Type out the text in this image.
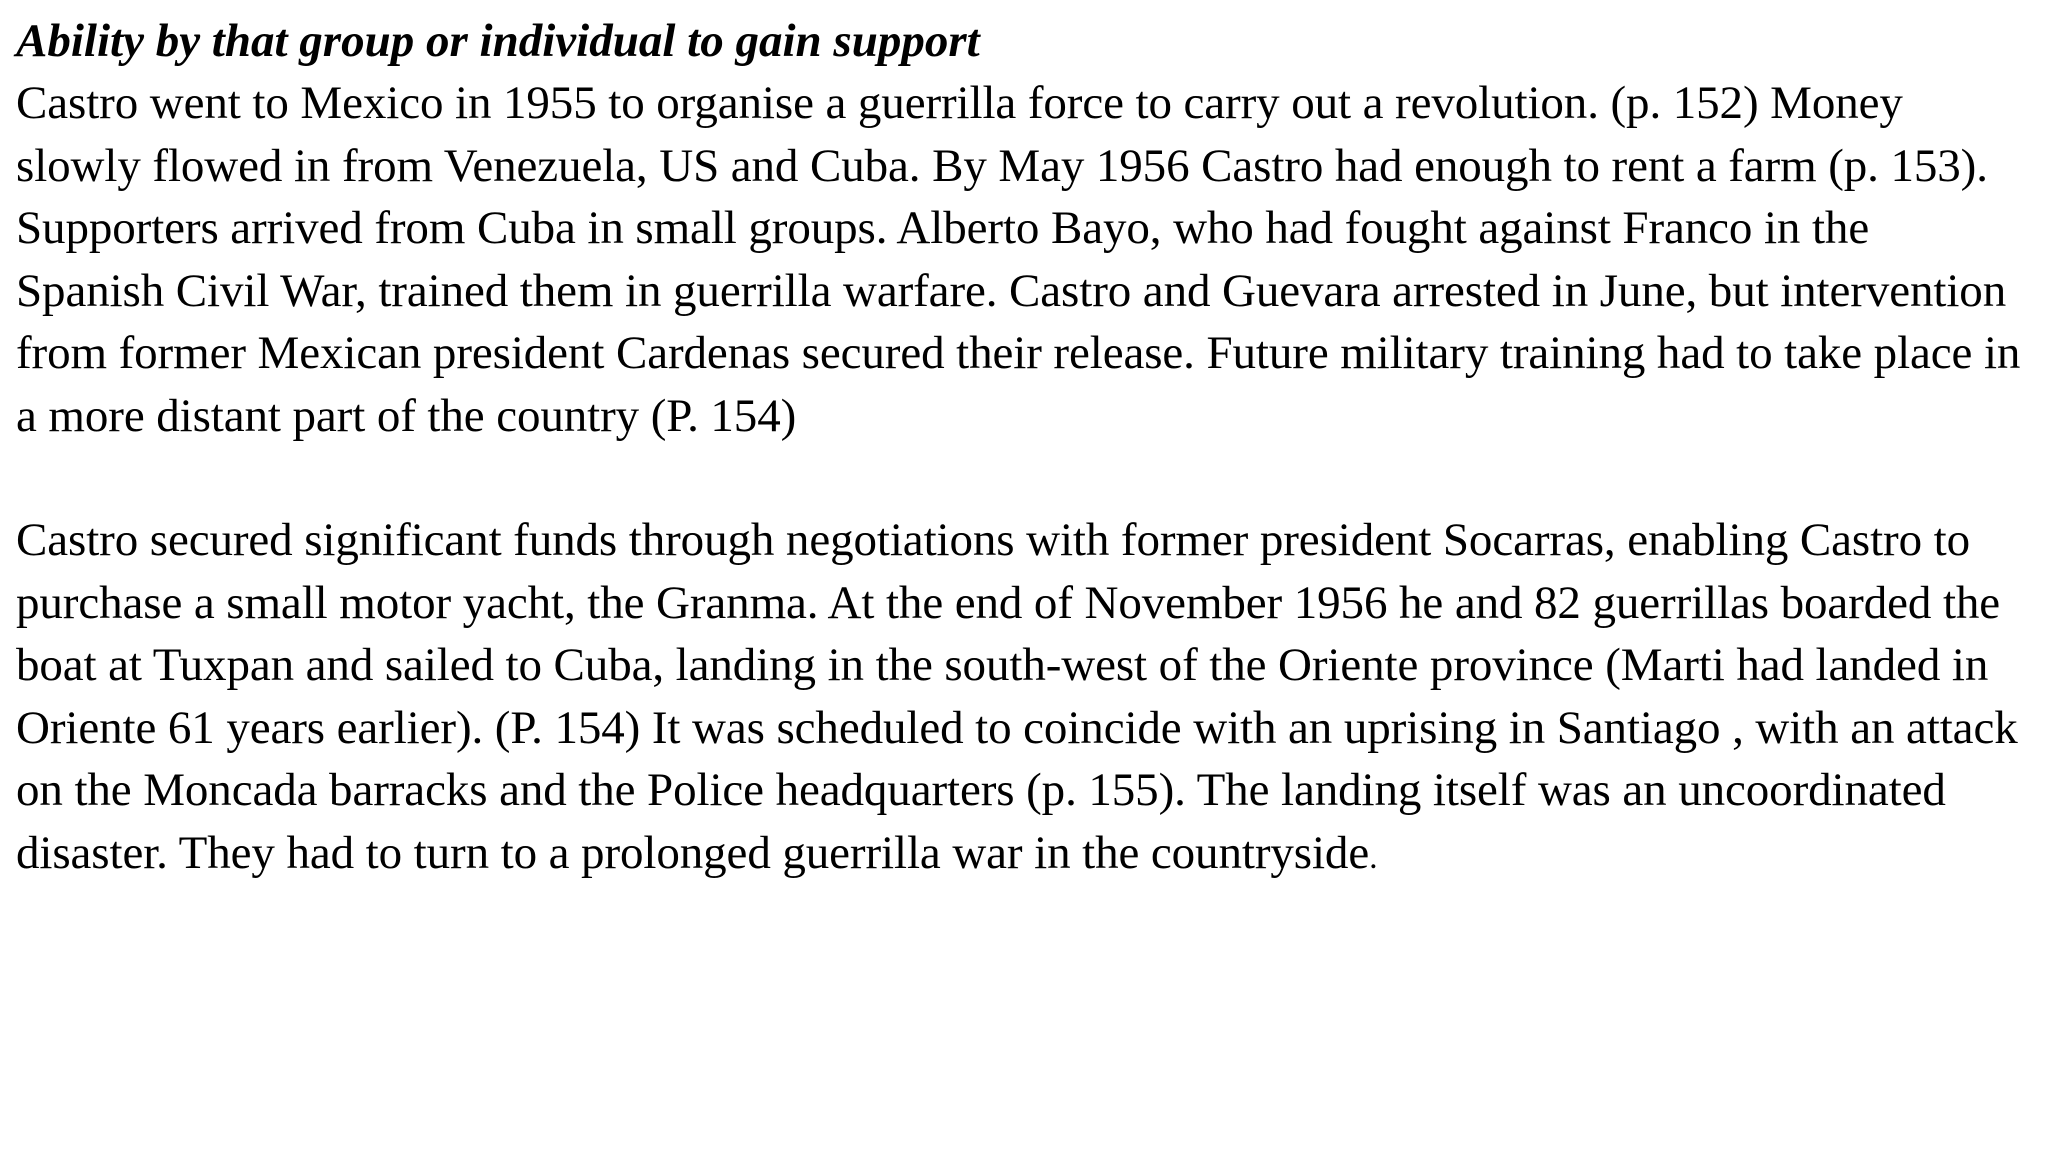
Ability by that group or individual to gain support

Castro went to Mexico in 1955 to organise a guerrilla force to carry out a revolution. (p. 152) Money slowly flowed in from Venezuela, US and Cuba. By May 1956 Castro had enough to rent a farm (p. 153). Supporters arrived from Cuba in small groups. Alberto Bayo, who had fought against Franco in the Spanish Civil War, trained them in guerrilla warfare. Castro and Guevara arrested in June, but intervention from former Mexican president Cardenas secured their release. Future military training had to take place in a more distant part of the country (P. 154)

Castro secured significant funds through negotiations with former president Socarras, enabling Castro to purchase a small motor yacht, the Granma. At the end of November 1956 he and 82 guerrillas boarded the boat at Tuxpan and sailed to Cuba, landing in the south-west of the Oriente province (Marti had landed in Oriente 61 years earlier). (P. 154) It was scheduled to coincide with an uprising in Santiago , with an attack on the Moncada barracks and the Police headquarters (p. 155). The landing itself was an uncoordinated disaster. They had to turn to a prolonged guerrilla war in the countryside.
